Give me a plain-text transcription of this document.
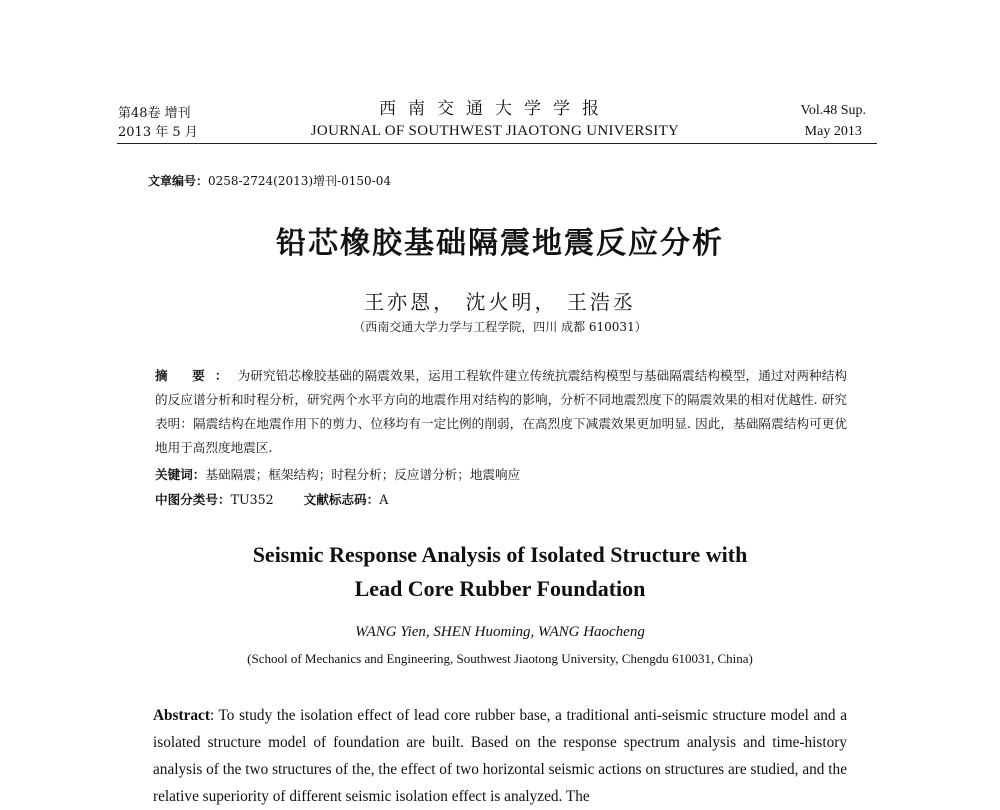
第48卷 增刊
2013 年 5 月
西南交通大学学报
JOURNAL OF SOUTHWEST JIAOTONG UNIVERSITY
Vol.48 Sup.
May 2013
文章编号：0258-2724(2013)增刊-0150-04
铅芯橡胶基础隔震地震反应分析
王亦恩， 沈火明， 王浩丞
（西南交通大学力学与工程学院，四川 成都 610031）
摘 要：为研究铅芯橡胶基础的隔震效果，运用工程软件建立传统抗震结构模型与基础隔震结构模型，通过对两种结构的反应谱分析和时程分析，研究两个水平方向的地震作用对结构的影响，分析不同地震烈度下的隔震效果的相对优越性. 研究表明：隔震结构在地震作用下的剪力、位移均有一定比例的削弱，在高烈度下减震效果更加明显. 因此，基础隔震结构可更优地用于高烈度地震区.
关键词：基础隔震；框架结构；时程分析；反应谱分析；地震响应
中图分类号：TU352 文献标志码：A
Seismic Response Analysis of Isolated Structure with
Lead Core Rubber Foundation
WANG Yien, SHEN Huoming, WANG Haocheng
(School of Mechanics and Engineering, Southwest Jiaotong University, Chengdu 610031, China)
Abstract: To study the isolation effect of lead core rubber base, a traditional anti-seismic structure model and a isolated structure model of foundation are built. Based on the response spectrum analysis and time-history analysis of the two structures of the, the effect of two horizontal seismic actions on structures are studied, and the relative superiority of different seismic isolation effect is analyzed. The
